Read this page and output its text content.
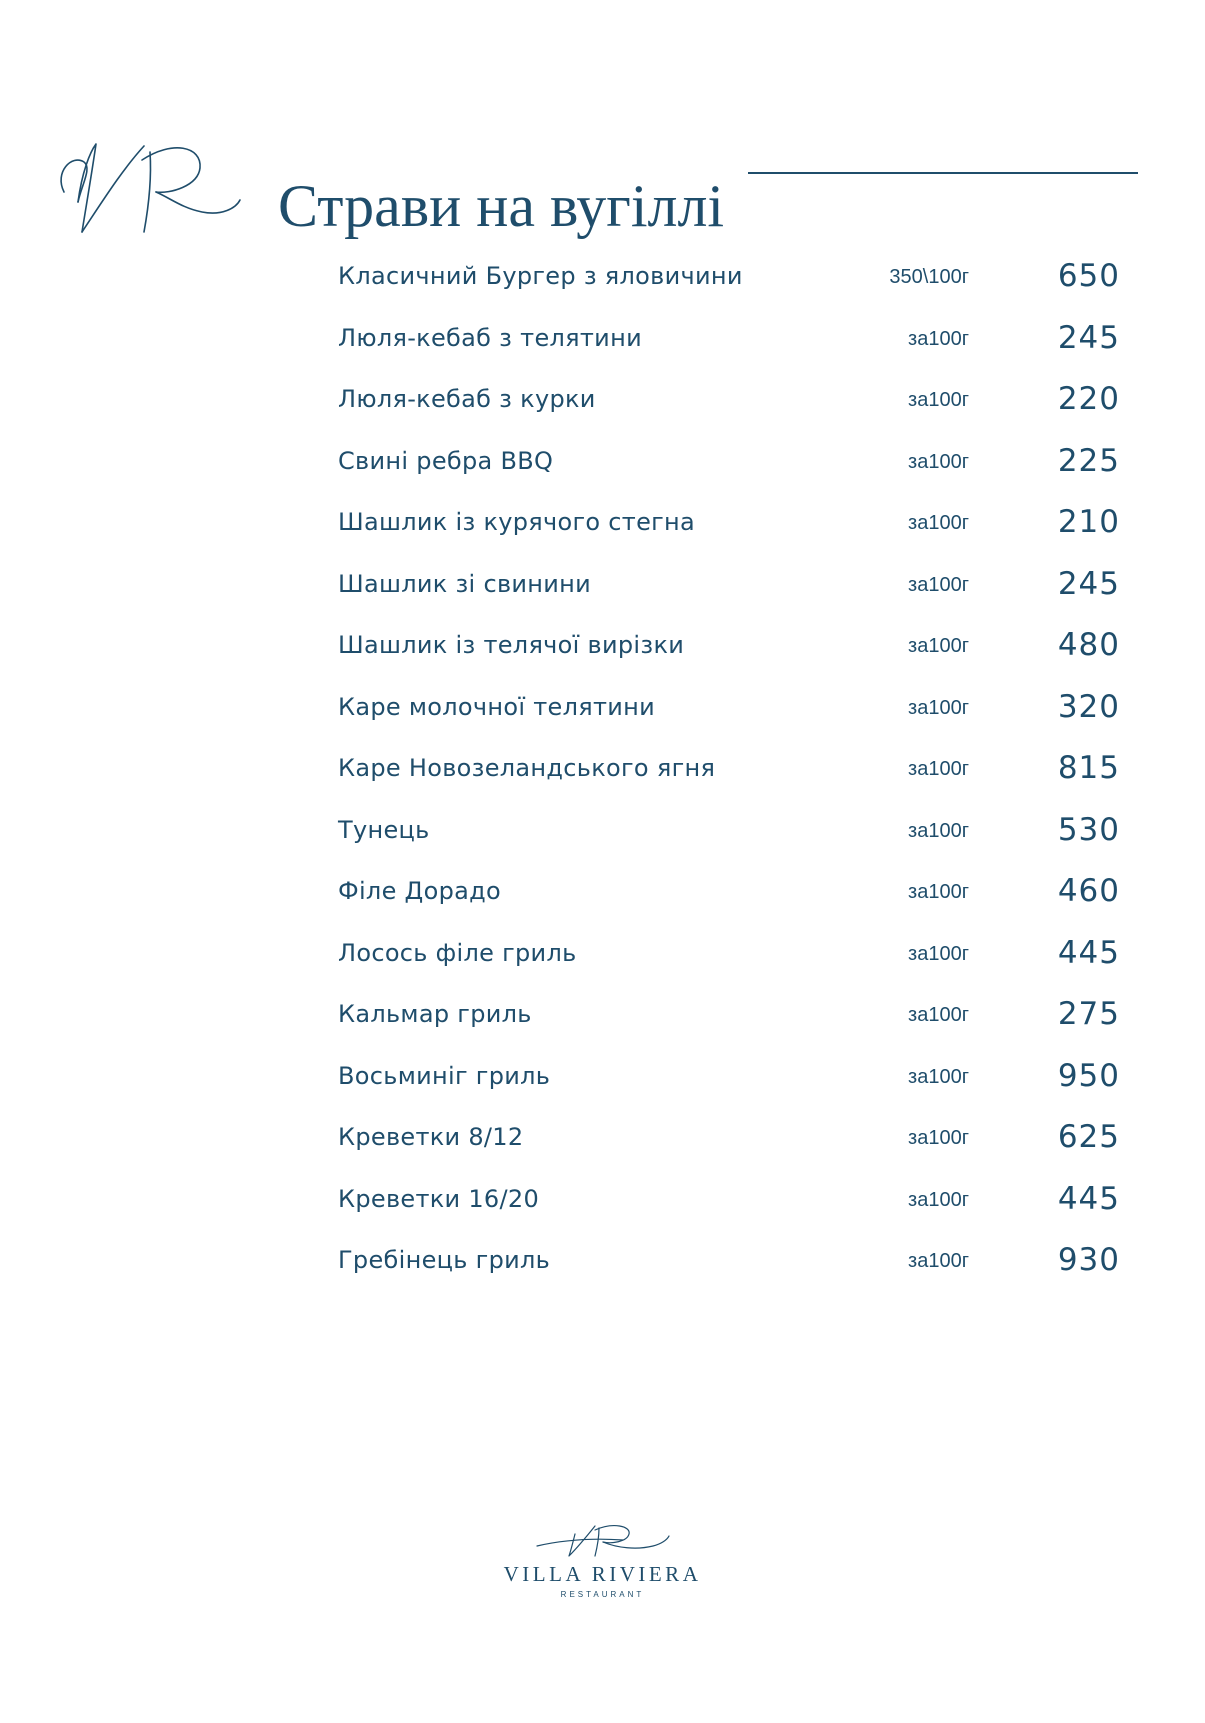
Страви на вугіллі
Класичний Бургер з яловичини	350\100г	650
Люля-кебаб з телятини	за100г	245
Люля-кебаб з курки	за100г	220
Свині ребра BBQ	за100г	225
Шашлик із курячого стегна	за100г	210
Шашлик зі свинини	за100г	245
Шашлик із телячої вирізки	за100г	480
Каре молочної телятини	за100г	320
Каре Новозеландського ягня	за100г	815
Тунець	за100г	530
Філе Дорадо	за100г	460
Лосось філе гриль	за100г	445
Кальмар гриль	за100г	275
Восьминіг гриль	за100г	950
Креветки 8/12	за100г	625
Креветки 16/20	за100г	445
Гребінець гриль	за100г	930
VILLA RIVIERA
RESTAURANT
